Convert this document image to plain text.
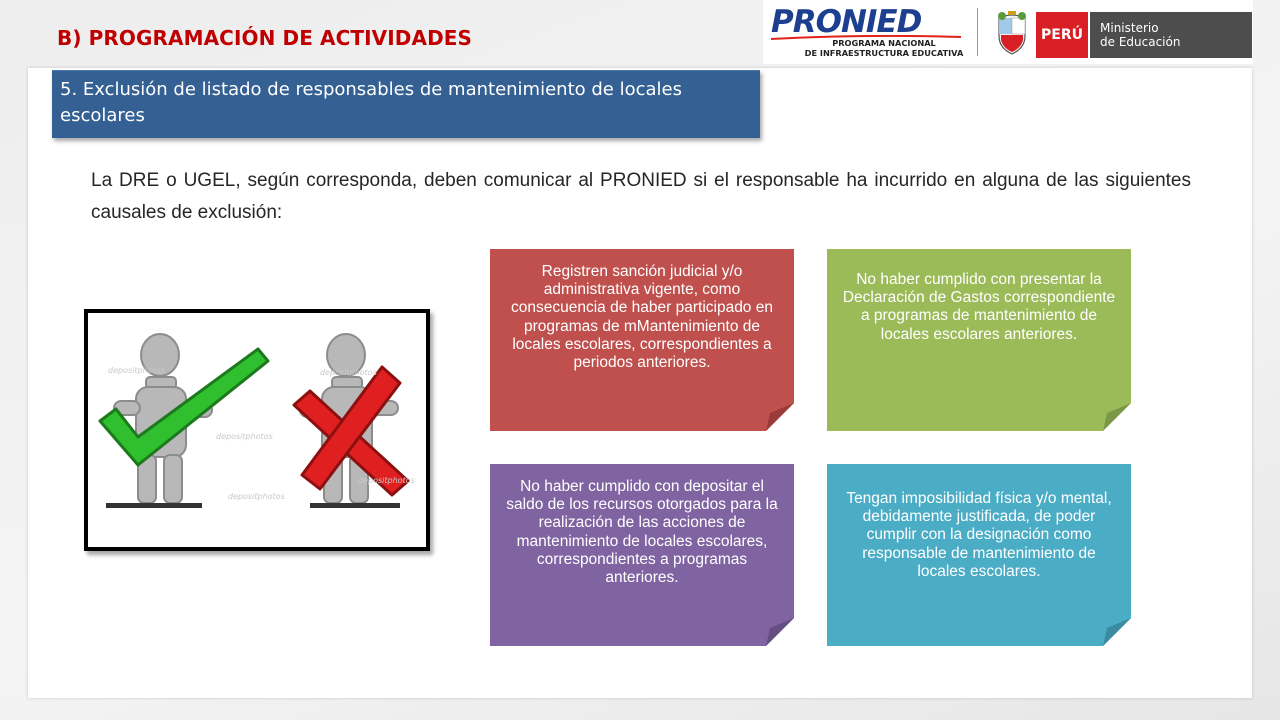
B) PROGRAMACIÓN DE ACTIVIDADES	PRONIED
PROGRAMA NACIONAL
DE INFRAESTRUCTURA EDUCATIVA
PERÚ	Ministerio
de Educación
5. Exclusión de listado de responsables de mantenimiento de locales escolares
La DRE o UGEL, según corresponda, deben comunicar al PRONIED si el responsable ha incurrido en alguna de las siguientes causales de exclusión:
depositphotos
depositphotos
depositphotos
depositphotos
depositphotos
Registren sanción judicial y/o administrativa vigente, como consecuencia de haber participado en programas de mMantenimiento de locales escolares, correspondientes a periodos anteriores.
No haber cumplido con presentar la Declaración de Gastos correspondiente a programas de mantenimiento de locales escolares anteriores.
No haber cumplido con depositar el saldo de los recursos otorgados para la realización de las acciones de mantenimiento de locales escolares, correspondientes a programas anteriores.
Tengan imposibilidad física y/o mental, debidamente justificada, de poder cumplir con la designación como responsable de mantenimiento de locales escolares.
